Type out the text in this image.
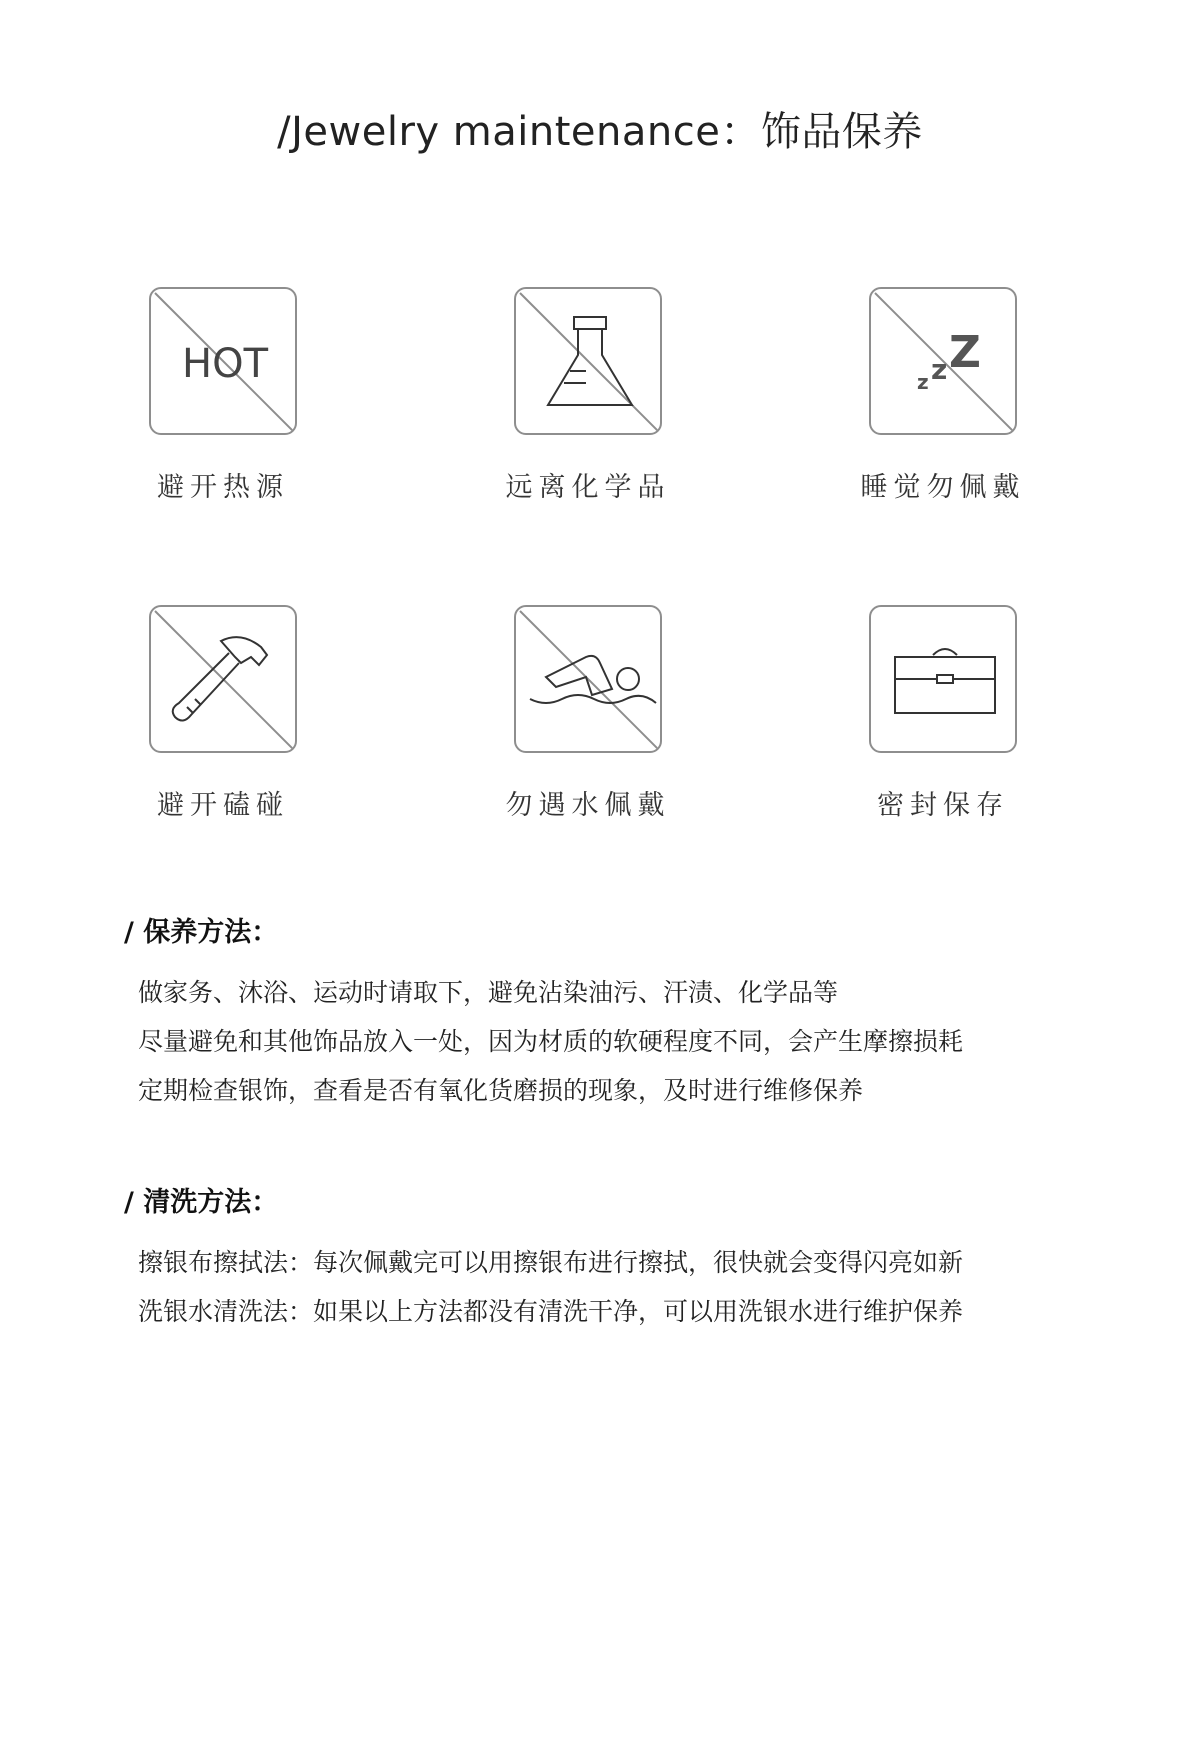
/Jewelry maintenance：饰品保养
HOT
避开热源	远离化学品
z z Z
睡觉勿佩戴
避开磕碰	勿遇水佩戴	密封保存
/ 保养方法：
做家务、沐浴、运动时请取下，避免沾染油污、汗渍、化学品等
尽量避免和其他饰品放入一处，因为材质的软硬程度不同，会产生摩擦损耗
定期检查银饰，查看是否有氧化货磨损的现象，及时进行维修保养
/ 清洗方法：
擦银布擦拭法：每次佩戴完可以用擦银布进行擦拭，很快就会变得闪亮如新
洗银水清洗法：如果以上方法都没有清洗干净，可以用洗银水进行维护保养
